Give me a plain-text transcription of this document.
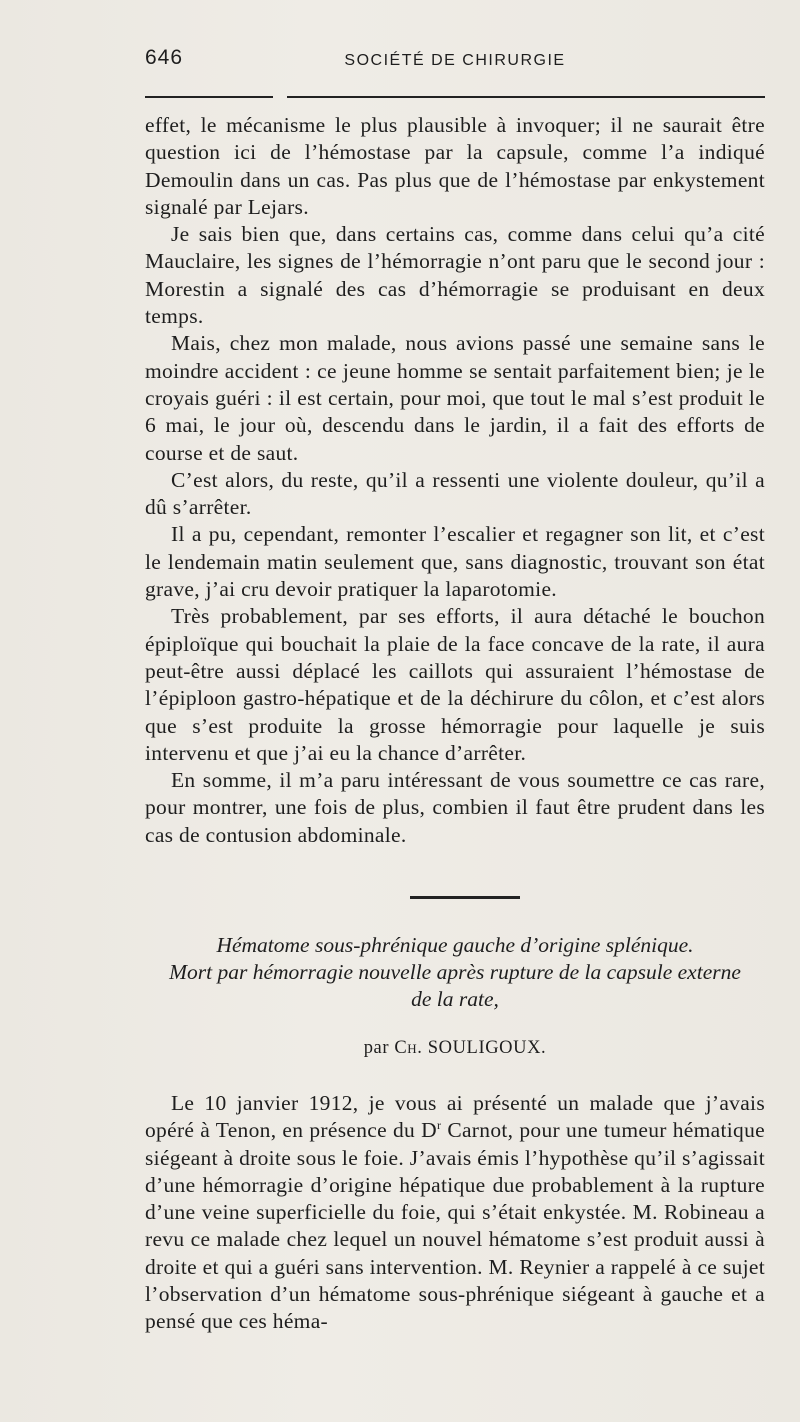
646	SOCIÉTÉ DE CHIRURGIE

effet, le mécanisme le plus plausible à invoquer; il ne saurait être question ici de l’hémostase par la capsule, comme l’a indiqué Demoulin dans un cas. Pas plus que de l’hémostase par enkystement signalé par Lejars.

Je sais bien que, dans certains cas, comme dans celui qu’a cité Mauclaire, les signes de l’hémorragie n’ont paru que le second jour : Morestin a signalé des cas d’hémorragie se produisant en deux temps.

Mais, chez mon malade, nous avions passé une semaine sans le moindre accident : ce jeune homme se sentait parfaitement bien; je le croyais guéri : il est certain, pour moi, que tout le mal s’est produit le 6 mai, le jour où, descendu dans le jardin, il a fait des efforts de course et de saut.

C’est alors, du reste, qu’il a ressenti une violente douleur, qu’il a dû s’arrêter.

Il a pu, cependant, remonter l’escalier et regagner son lit, et c’est le lendemain matin seulement que, sans diagnostic, trouvant son état grave, j’ai cru devoir pratiquer la laparotomie.

Très probablement, par ses efforts, il aura détaché le bouchon épiploïque qui bouchait la plaie de la face concave de la rate, il aura peut-être aussi déplacé les caillots qui assuraient l’hémostase de l’épiploon gastro-hépatique et de la déchirure du côlon, et c’est alors que s’est produite la grosse hémorragie pour laquelle je suis intervenu et que j’ai eu la chance d’arrêter.

En somme, il m’a paru intéressant de vous soumettre ce cas rare, pour montrer, une fois de plus, combien il faut être prudent dans les cas de contusion abdominale.

Hématome sous-phrénique gauche d’origine splénique.
Mort par hémorragie nouvelle après rupture de la capsule externe
de la rate,
par Ch. SOULIGOUX.

Le 10 janvier 1912, je vous ai présenté un malade que j’avais opéré à Tenon, en présence du $D^r$ Carnot, pour une tumeur hématique siégeant à droite sous le foie. J’avais émis l’hypothèse qu’il s’agissait d’une hémorragie d’origine hépatique due probablement à la rupture d’une veine superficielle du foie, qui s’était enkystée. M. Robineau a revu ce malade chez lequel un nouvel hématome s’est produit aussi à droite et qui a guéri sans intervention. M. Reynier a rappelé à ce sujet l’observation d’un hématome sous-phrénique siégeant à gauche et a pensé que ces héma-
